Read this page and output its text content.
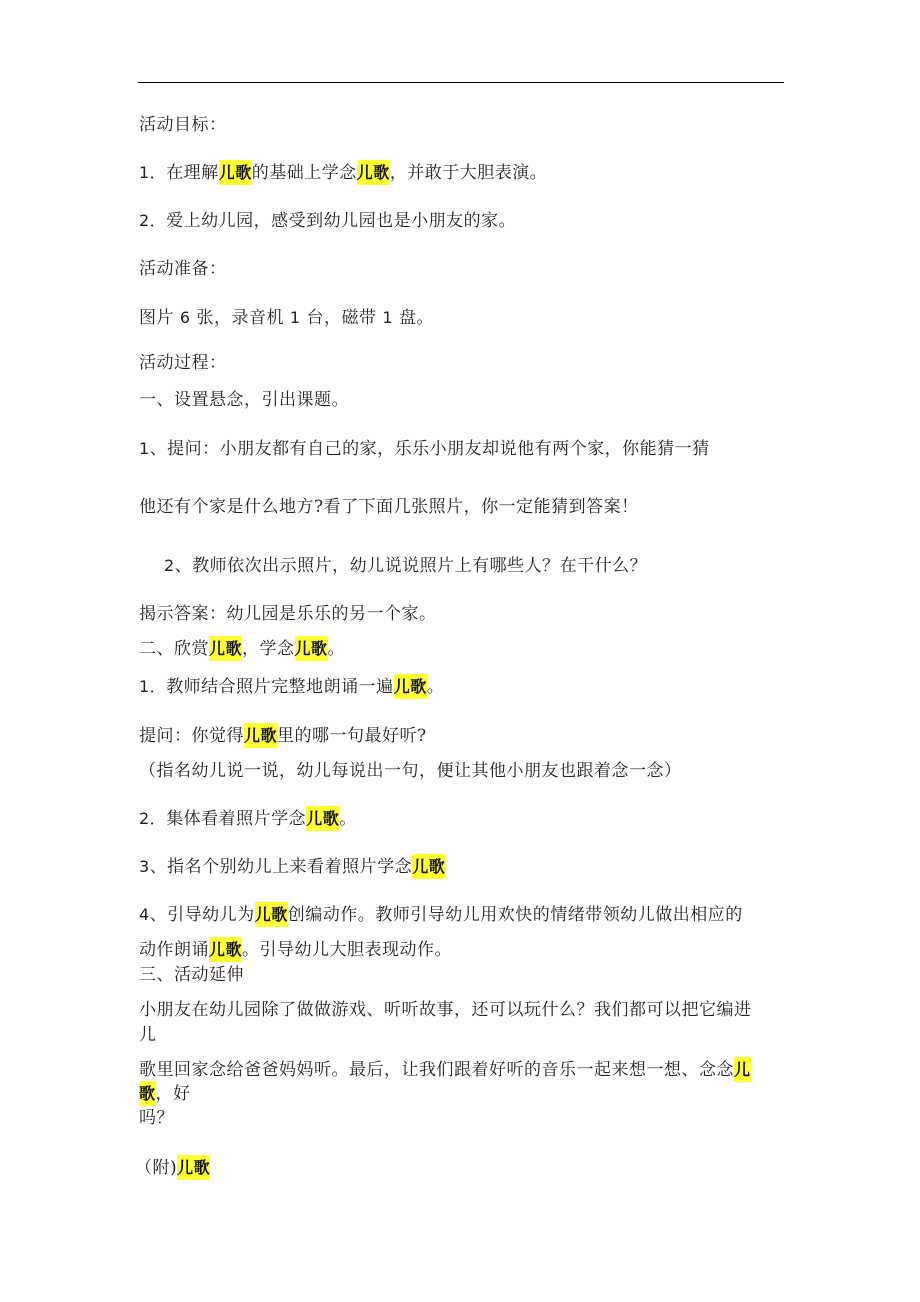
活动目标：
1．在理解儿歌的基础上学念儿歌，并敢于大胆表演。
2．爱上幼儿园，感受到幼儿园也是小朋友的家。
活动准备：
图片 6 张，录音机 1 台，磁带 1 盘。
活动过程：
一、设置悬念，引出课题。
1、提问：小朋友都有自己的家，乐乐小朋友却说他有两个家，你能猜一猜
他还有个家是什么地方?看了下面几张照片，你一定能猜到答案！
2、教师依次出示照片，幼儿说说照片上有哪些人？在干什么？
揭示答案：幼儿园是乐乐的另一个家。
二、欣赏儿歌，学念儿歌。
1．教师结合照片完整地朗诵一遍儿歌。
提问：你觉得儿歌里的哪一句最好听?
（指名幼儿说一说，幼儿每说出一句，便让其他小朋友也跟着念一念）
2．集体看着照片学念儿歌。
3、指名个别幼儿上来看着照片学念儿歌
4、引导幼儿为儿歌创编动作。教师引导幼儿用欢快的情绪带领幼儿做出相应的
动作朗诵儿歌。引导幼儿大胆表现动作。
三、活动延伸
小朋友在幼儿园除了做做游戏、听听故事，还可以玩什么？我们都可以把它编进
儿
歌里回家念给爸爸妈妈听。最后，让我们跟着好听的音乐一起来想一想、念念儿
歌，好
吗？
（附)儿歌
